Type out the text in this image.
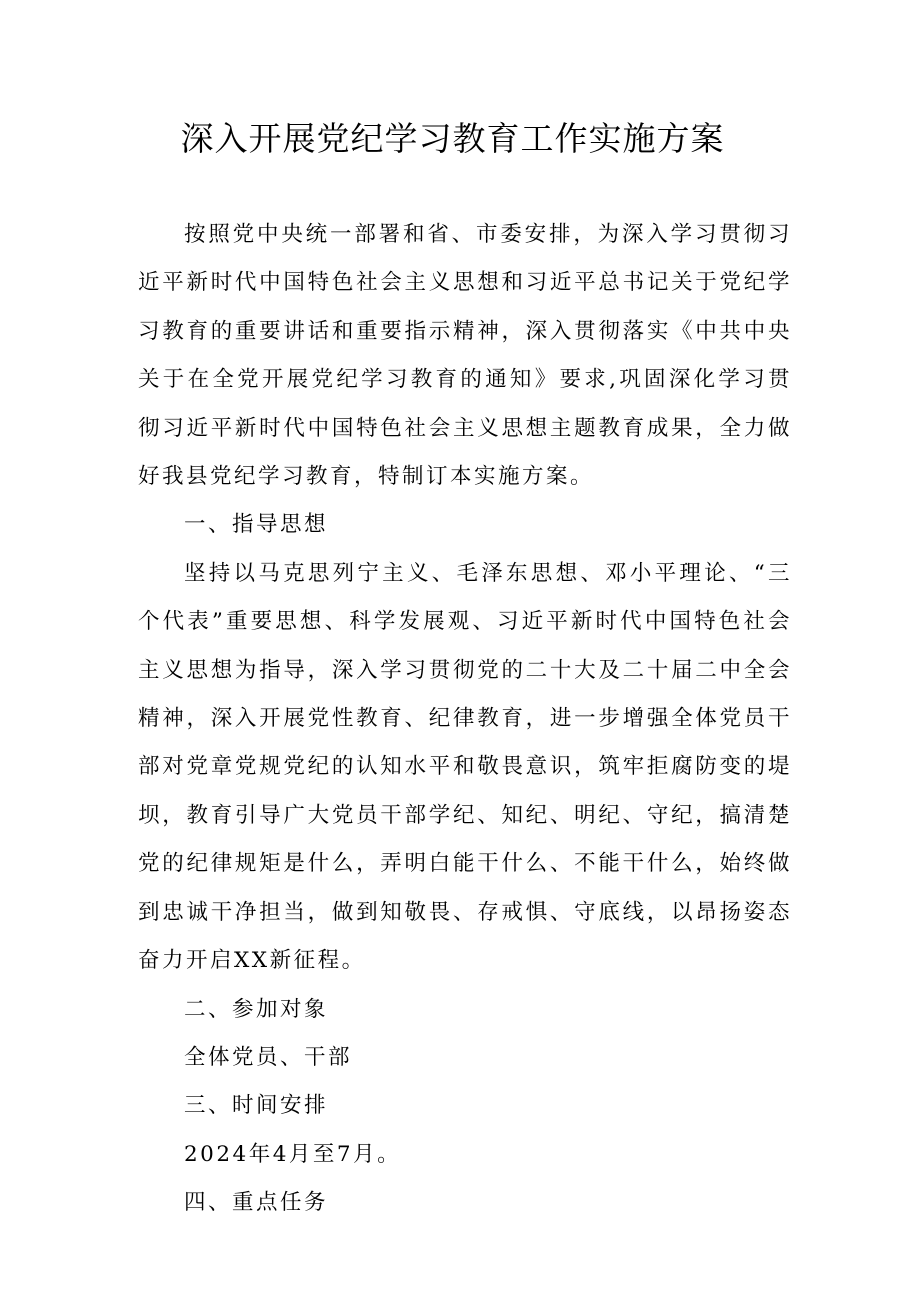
深入开展党纪学习教育工作实施方案

按照党中央统一部署和省、市委安排，为深入学习贯彻习近平新时代中国特色社会主义思想和习近平总书记关于党纪学习教育的重要讲话和重要指示精神，深入贯彻落实《中共中央关于在全党开展党纪学习教育的通知》要求,巩固深化学习贯彻习近平新时代中国特色社会主义思想主题教育成果，全力做好我县党纪学习教育，特制订本实施方案。

一、指导思想

坚持以马克思列宁主义、毛泽东思想、邓小平理论、“三个代表”重要思想、科学发展观、习近平新时代中国特色社会主义思想为指导，深入学习贯彻党的二十大及二十届二中全会精神，深入开展党性教育、纪律教育，进一步增强全体党员干部对党章党规党纪的认知水平和敬畏意识，筑牢拒腐防变的堤坝，教育引导广大党员干部学纪、知纪、明纪、守纪，搞清楚党的纪律规矩是什么，弄明白能干什么、不能干什么，始终做到忠诚干净担当，做到知敬畏、存戒惧、守底线，以昂扬姿态奋力开启XX新征程。

二、参加对象

全体党员、干部

三、时间安排

2024年4月至7月。

四、重点任务
